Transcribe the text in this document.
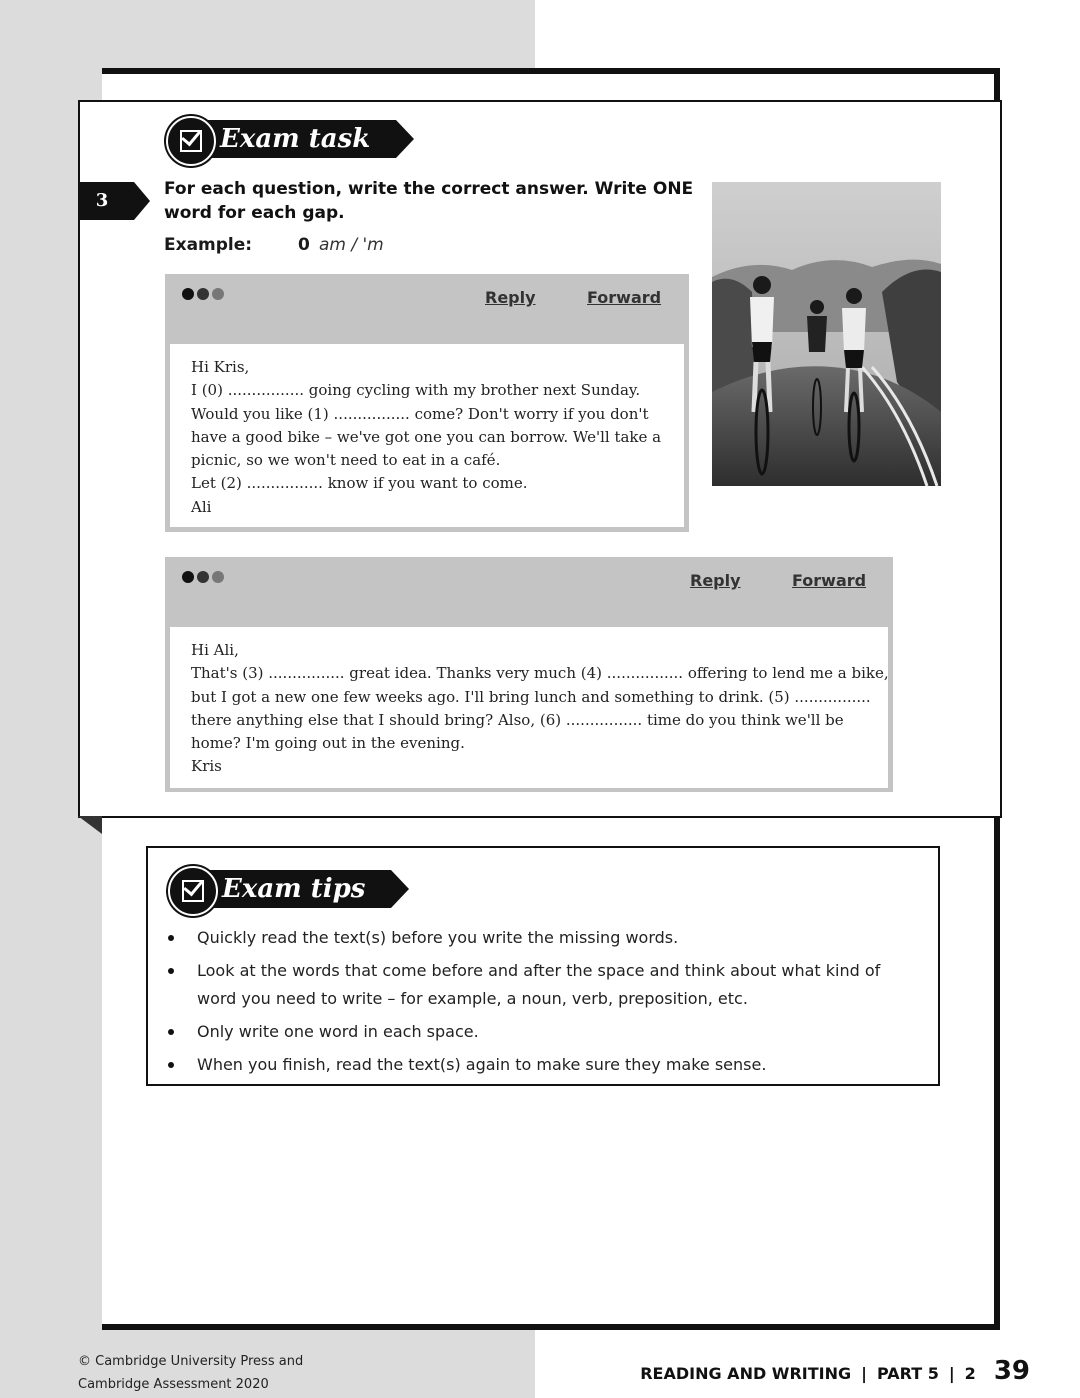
Exam task
3
For each question, write the correct answer. Write ONE word for each gap.
Example:	0 am / 'm
Reply	Forward
Hi Kris,
I (0) ................ going cycling with my brother next Sunday.
Would you like (1) ................ come? Don't worry if you don't
have a good bike – we've got one you can borrow. We'll take a
picnic, so we won't need to eat in a café.
Let (2) ................ know if you want to come.
Ali
Reply	Forward
Hi Ali,
That's (3) ................ great idea. Thanks very much (4) ................ offering to lend me a bike,
but I got a new one few weeks ago. I'll bring lunch and something to drink. (5) ................
there anything else that I should bring? Also, (6) ................ time do you think we'll be
home? I'm going out in the evening.
Kris
Exam tips
Quickly read the text(s) before you write the missing words.
Look at the words that come before and after the space and think about what kind of word you need to write – for example, a noun, verb, preposition, etc.
Only write one word in each space.
When you finish, read the text(s) again to make sure they make sense.
© Cambridge University Press and
Cambridge Assessment 2020
READING AND WRITING | PART 5 | 2 39
